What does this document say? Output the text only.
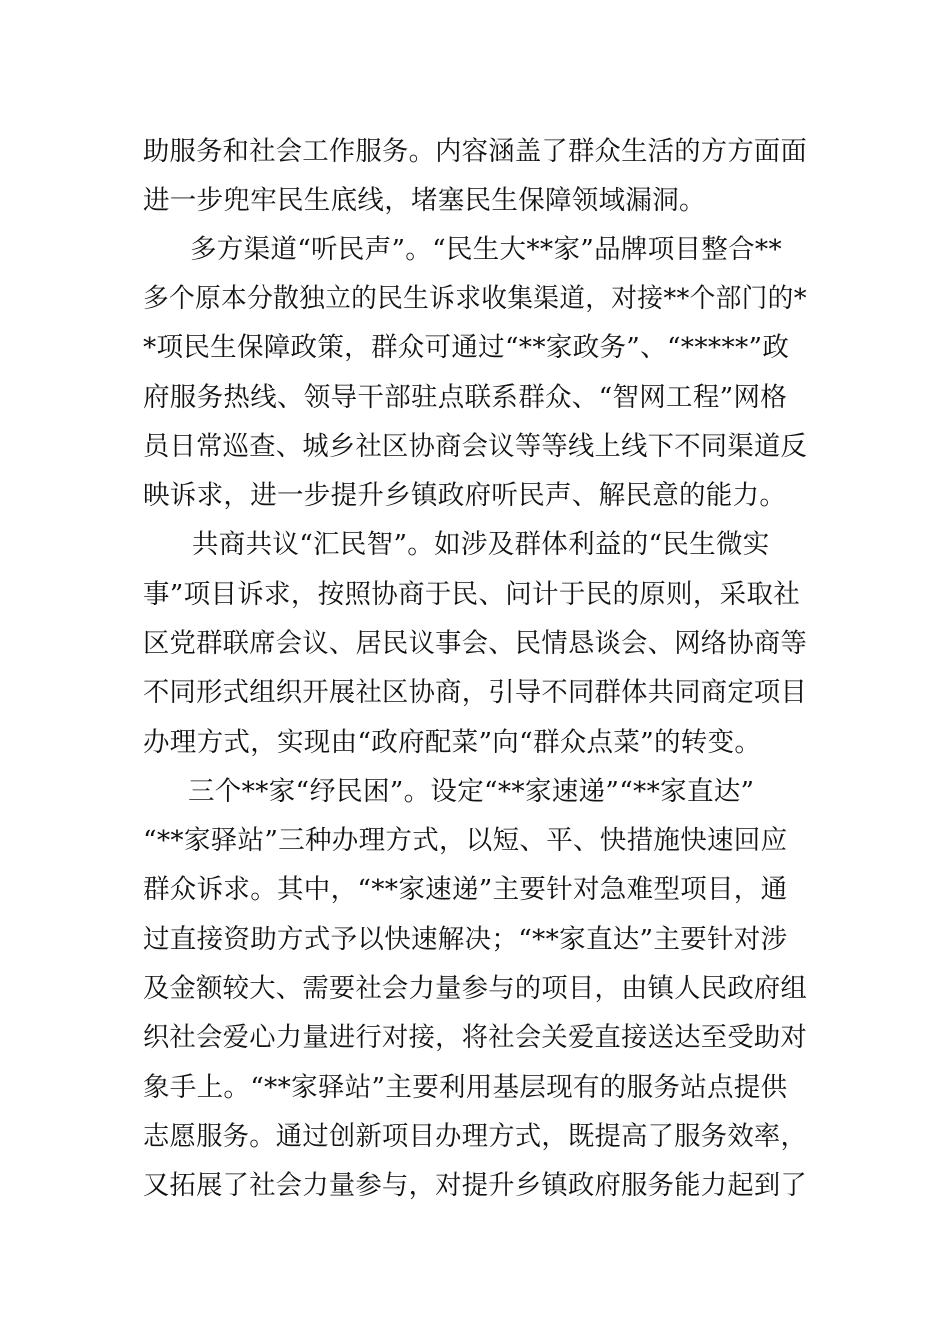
助服务和社会工作服务。内容涵盖了群众生活的方方面面
进一步兜牢民生底线，堵塞民生保障领域漏洞。
多方渠道“听民声”。“民生大**家”品牌项目整合**
多个原本分散独立的民生诉求收集渠道，对接**个部门的*
*项民生保障政策，群众可通过“**家政务”、“*****”政
府服务热线、领导干部驻点联系群众、“智网工程”网格
员日常巡查、城乡社区协商会议等等线上线下不同渠道反
映诉求，进一步提升乡镇政府听民声、解民意的能力。
共商共议“汇民智”。如涉及群体利益的“民生微实
事”项目诉求，按照协商于民、问计于民的原则，采取社
区党群联席会议、居民议事会、民情恳谈会、网络协商等
不同形式组织开展社区协商，引导不同群体共同商定项目
办理方式，实现由“政府配菜”向“群众点菜”的转变。
三个**家“纾民困”。设定“**家速递”“**家直达”
“**家驿站”三种办理方式，以短、平、快措施快速回应
群众诉求。其中，“**家速递”主要针对急难型项目，通
过直接资助方式予以快速解决；“**家直达”主要针对涉
及金额较大、需要社会力量参与的项目，由镇人民政府组
织社会爱心力量进行对接，将社会关爱直接送达至受助对
象手上。“**家驿站”主要利用基层现有的服务站点提供
志愿服务。通过创新项目办理方式，既提高了服务效率，
又拓展了社会力量参与，对提升乡镇政府服务能力起到了
